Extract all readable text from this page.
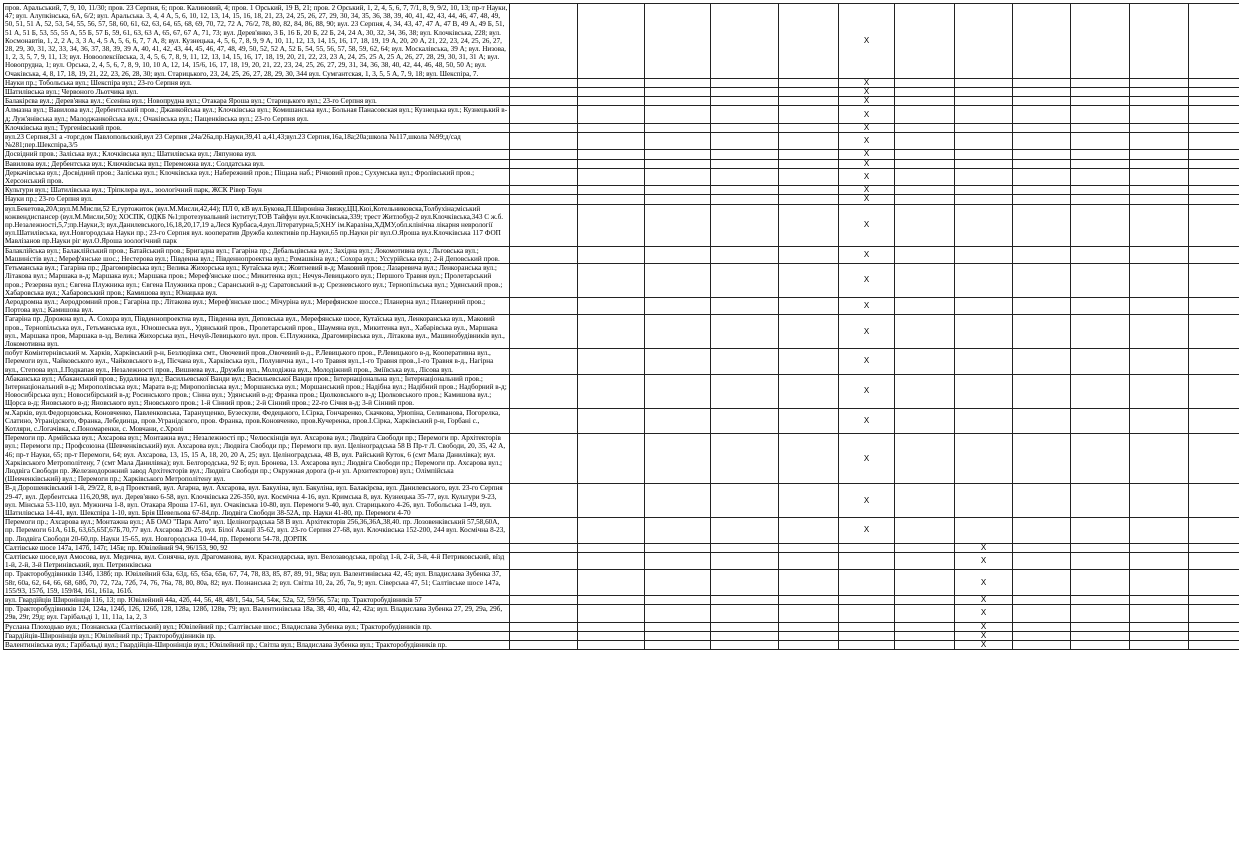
пров. Аральський, 7, 9, 10, 11/30; пров. 23 Серпня, 6; пров. Калиновий, 4; пров. 1 Орський, 19 В, 21; пров. 2 Орський, 1, 2, 4, 5, 6, 7, 7/1, 8, 9, 9/2, 10, 13; пр-т Науки, 47; вул. Алупкінська, 6А, 6/2; вул. Аральська. 3, 4, 4 А, 5, 6, 10, 12, 13, 14, 15, 16, 18, 21, 23, 24, 25, 26, 27, 29, 30, 34, 35, 36, 38, 39, 40, 41, 42, 43, 44, 46, 47, 48, 49, 50, 51, 51 А, 52, 53, 54, 55, 56, 57, 58, 60, 61, 62, 63, 64, 65, 68, 69, 70, 72, 72 А, 76/2, 78, 80, 82, 84, 86, 88, 90; вул. 23 Серпня, 4, 34, 43, 47, 47 А, 47 В, 49 А, 49 Б, 51, 51 А, 51 Б, 53, 55, 55 А, 55 Б, 57 Б, 59, 61, 63, 63 А, 65, 67, 67 А, 71, 73; вул. Дерев'янко, 3 Б, 16 Б, 20 Б, 22 Б, 24, 24 А, 30, 32, 34, 36, 38; вул. Клочківська, 228; вул. Космонавтів, 1, 2, 2 А, 3, 3 А, 4, 5 А, 5, 6, 6, 7, 7 А, 8; вул. Кузнецька, 4, 5, 6, 7, 8, 9, 9 А, 10, 11, 12, 13, 14, 15, 16, 17, 18, 19, 19 А, 20, 20 А, 21, 22, 23, 24, 25, 26, 27, 28, 29, 30, 31, 32, 33, 34, 36, 37, 38, 39, 39 А, 40, 41, 42, 43, 44, 45, 46, 47, 48, 49, 50, 52, 52 А, 52 Б, 54, 55, 56, 57, 58, 59, 62, 64; вул. Москалівська, 39 А; вул. Низова, 1, 2, 3, 5, 7, 9, 11, 13; вул. Новоолексіївська, 3, 4, 5, 6, 7, 8, 9, 11, 12, 13, 14, 15, 16, 17, 18, 19, 20, 21, 22, 23, 23 А, 24, 25, 25 А, 25 А, 26, 27, 28, 29, 30, 31, 31 А; вул. Новопрудна, 1; вул. Орська, 2, 4, 5, 6, 7, 8, 9, 10, 10 А, 12, 14, 15/6, 16, 17, 18, 19, 20, 21, 22, 23, 24, 25, 26, 27, 29, 31, 34, 36, 38, 40, 42, 44, 46, 48, 50, 50 А; вул. Очаківська, 4, 8, 17, 18, 19, 21, 22, 23, 26, 28, 30; вул. Старицького, 23, 24, 25, 26, 27, 28, 29, 30, 344 вул. Сумгантская, 1, 3, 5, 5 А, 7, 9, 18; вул. Шекспіра, 7.						X							
Науки пр.; Тобольська вул.; Шекспіра вул.; 23-го Серпня вул.						X							
Шатилівська вул.; Червоного Льотчика вул.						X							
Балакірєва вул.; Дерев'янка вул.; Єсеніна вул.; Новопрудна вул.; Отакара Яроша вул.; Старицького вул.; 23-го Серпня вул.						X							
Алмазна вул.; Вавилова вул.; Дербентський пров.; Джанкойська вул.; Клочківська вул.; Комишанська вул.; Больная Панасовская вул.; Кузнецька вул.; Кузнецький в-д; Луж'янівська вул.; Малоджанкойська вул.; Очаківська вул.; Пащенківська вул.; 23-го Серпня вул.						X							
Клочківська вул.; Тургенівський пров.						X							
вул.23 Серпня,31 а -торг.дом Павлопольский,вул 23 Серпня ,24а/26а,пр.Науки,39,41 а,41,43;вул.23 Серпня,16а,18а;20а;школа №117,школа №99;д/сад №281;пер.Шекспіра,3/5						X							
Досвідний пров.; Заліська вул.; Клочківська вул.; Шатилівська вул.; Ляпунова вул.						X							
Вавилова вул.; Дербентська вул.; Ключківська вул.; Переможна вул.; Солдатська вул.						X							
Деркачівська вул.; Досвідний пров.; Заліська вул.; Клочківська вул.; Набережний пров.; Піщана наб.; Річковий пров.; Сухумська вул.; Фролівський пров.; Херсонський пров.						X							
Культури вул.; Шатилівська вул.; Тріпклера вул., зоологічний парк, ЖСК Рівер Тоун						X							
Науки пр.; 23-го Серпня вул.						X							
вул.Бекетова,20А;вул.М.Мисли,52 Е,гуртожиток (вул.М.Мисли,42,44); ПЛ 0, кВ вул.Букова,П.Широніна Звязку,ЦЦ.Кюі,Котельниковска,Толбухіна;міський кожвендиспансер (вул.М.Мисли,50); ХОСПК, ОДКБ №1;протезувальний інститут,ТОВ Тайфун вул.Клочківська,339; трест Житлобуд-2 вул.Клочківська,343 С ж.б. пр.Незалежності,5,7;пр.Науки,3; вул.Данилевського,16,18,20,17,19 а,Леся Курбаса,4,вул.Літературна,5;ХНУ ім.Каразіна,ХДМУ,обл.клінічна лікарня неврології вул.Шатилівська, вул.Новгородська Науки пр.; 23-го Серпня вул. кооператив Дружба колективів пр.Науки,65 пр.Науки ріг вул.О.Яроша вул.Клочківська 117 ФОП Мавлізанов пр.Науки ріг вул.О.Яроша зоологічний парк						X							
Балаклійська вул.; Балаклійський пров.; Батайський пров.; Бригадна вул.; Гагаріна пр.; Дебальцівська вул.; Західна вул.; Локомотивна вул.; Льговська вул.; Машиністів вул.; Мереф'янське шос.; Нестерова вул.; Південна вул.; Південнопроектна вул.; Ромашкіна вул.; Сохора вул.; Уссурійська вул.; 2-й Деповський пров.						X							
Гетьманська вул.; Гагаріна пр.; Драгомирівська вул.; Велика Жихорська вул.; Кутаїська вул.; Жовтневий в-д; Маковий пров.; Лазаревича вул.; Ленкоранська вул.; Літакова вул.; Маршака в-д; Маршака вул.; Маршака пров.; Мереф'янське шос.; Микитенка вул.; Нечуя-Левицького вул.; Першого Травня вул.; Пролетарський пров.; Резервна вул.; Євгена Плужника вул.; Євгена Плужника пров.; Саранський в-д; Саратовський в-д; Срезневського вул.; Тернопільська вул.; Удянський пров.; Хабаровська вул.; Хабаровський пров.; Камишова вул.; Юнацька вул.						X							
Аеродромна вул.; Аеродромний пров.; Гагаріна пр.; Літакова вул.; Мереф'янське шос.; Мічуріна вул.; Мерефянское шоссе.; Планерна вул.; Планерний пров.; Портова вул.; Камишова вул.						X							
Гагаріна пр. Дорожна вул., А. Сохора вул, Південнопроектна вул., Південна вул, Деповська вул., Мерефянське шосе, Кутаїська вул, Ленкоранська вул., Маковий пров., Тернопільська вул., Гетьманська вул., Юношеська вул., Удянський пров., Пролетарський пров., Шаумяна вул., Микитенка вул., Хабарівська вул., Маршака вул., Маршака пров, Маршака в-зд, Велика Жихорська вул., Нечуй-Левицького вул. пров. Є.Плужника, Драгомирівська вул., Літакова вул., Машинобудівників вул., Локомотивна вул.						X							
побут Комінтернівський м. Харків, Харківський р-н, Безлюдівка смт., Овочевий пров.,Овочевий в-д., Р.Левицького пров., Р.Левицького в-д, Кооперативна вул., Перемоги вул., Чайковського вул., Чайковського в-д, Пісчана вул., Харківська вул., Полунична вул., 1-го Травня вул.,1-го Травня пров.,1-го Травня в-д., Нагірна вул., Степова вул.,І.Подкапая вул., Незалежності пров., Вишнева вул., Дружби вул., Молодіжна вул., Молодіжний пров., Змiївська вул., Лісова вул.						X							
Абаканська вул.; Абаканський пров.; Будалина вул.; Васильевської Ванди вул.; Васильевської Ванди пров.; Інтернаціональна вул.; Інтернаціональний пров.; Інтернаціональний в-д; Мирополівська вул.; Маратa в-д; Мирополівська вул.; Моршанська вул.; Моршанський пров.; Надібна вул.; Надібний пров.; Надборний в-д; Новосибірська вул.; Новосибірський в-д; Росинського пров.; Сінна вул.; Удянський в-д; Франка пров.; Цюлковського в-д; Цюлковського пров.; Камишова вул.; Щорса в-д; Яновського в-д; Яновського вул.; Яновського пров.; 1-й Сінний пров.; 2-й Сінний пров.; 22-го Січня в-д; 3-й Сінний пров.						X							
м.Харків, вул.Федорцовська, Коновченко, Павленковська, Таранущенко, Бузескули, Федецького, І.Сірка, Гончаренко, Скачкова, Урюпіна, Селиванова, Погорелка, Слатино, Угранідского, Франка, Лебединца, пров.Угранідского, пров. Франка, пров.Коновченко, пров.Кучеренка, пров.І.Сірка, Харківський р-н, Горбані с., Котляри, с.Логачівка, с.Пономаренки, с. Мовчани, с.Хролі						X							
Перемоги пр. Армійська вул.; Ахсарова вул.; Монтажна вул.; Незалежності пр.; Челюскінців вул. Ахсарова вул.; Людвіга Свободи пр.; Перемоги пр. Архітекторів вул.; Перемоги пр.; Профсоюзна (Шевченківський) вул. Ахсарова вул.; Людвіга Свободи пр.; Перемоги пр. вул. Целіноградська 58 В Пр-т Л. Свободи, 20, 35, 42 А, 46; пр-т Науки, 65; пр-т Перемоги, 64; вул. Ахсарова, 13, 15, 15 А, 18, 20, 20 А, 25; вул. Целіноградська, 48 В, вул. Райський Куток, 6 (смт Мала Данилівка); вул. Харківського Метрополітену, 7 (смт Мала Данилівка); вул. Белгородська, 92 Б; вул. Бронева, 13. Ахсарова вул.; Людвіга Свободи пр.; Перемоги пр. Ахсарова вул.; Людвіга Свободи пр. Железнодорожний завод Архітекторів вул.; Людвіга Свободи пр.; Окружная дорога (р-н ул. Архитекторов) вул.; Олімпійська (Шевченківський) вул.; Перемоги пр.; Харківського Метрополітену вул.						X							
В-д Дорошенківський 1-й, 29/22, 8, в-д Проектний, вул. Агарна, вул. Ахсарова, вул. Бакуліна, вул. Бакуліна, вул. Балакірєва, вул. Данилевського, вул. 23-го Серпня 29-47, вул. Дербентська 116,20,98, вул. Дерев'янко 6-58, вул. Клочківська 226-350, вул. Космічна 4-16, вул. Кримська 8, вул. Кузнецька 35-77, вул. Культури 9-23, вул. Мінська 53-110, вул. Мужнича 1-8, вул. Отакара Яроша 17-61, вул. Очаківська 10-80, вул. Перемоги 9-40, вул. Старицького 4-26, вул. Тобольська 1-49, вул. Шатилівська 14-41, вул. Шекспіра 1-10, вул. Брія Шевельова 67-84,пр. Людвіга Свободи 38-52А, пр. Науки 41-80, пр. Перемоги 4-70						X							
Перемоги пр.; Ахсарова вул.; Монтажна вул.; АБ ОАО "Парк Авто" вул. Целіноградська 58 В вул. Архітекторів 256,36,36А,38,40. пр. Лозовенківський 57,58,60А, пр. Перемоги 61А, 61Б, 63,65,65Г,67Б,70,77 вул. Ахсарова 20-25, вул. Білої Акації 35-62, вул. 23-го Серпня 27-68, вул. Клочківська 152-200, 244 вул. Космічна 8-23, пр. Людвіга Свободи 20-60,пр. Науки 15-65, вул. Новгородська 10-44, пр. Перемоги 54-78, ДОРПК						X							
Салтівське шосе 147а, 147б, 147г, 145в; пр. Ювілейний 94, 96/153, 90, 92								X					
Салтівське шосе,вул Амосова, вул. Медична, вул. Сонячна, вул. Драгоманова, вул. Краснодарська, вул. Велозаводська, проїзд 1-й, 2-й, 3-й, 4-й Петриковський, вїзд 1-й, 2-й, 3-й Петринівський, вул. Петринківська								X					
пр. Тракторобудівників 134б, 138б; пр. Ювілейний 63а, 63д, 65, 65а, 65в, 67, 74, 78, 83, 85, 87, 89, 91, 98а; вул. Валентинівська 42, 45; вул. Владислава Зубенка 37, 58г, 60а, 62, 64, 66, 68, 68б, 70, 72, 72а, 72б, 74, 76, 76а, 78, 80, 80а, 82; вул. Познанська 2; вул. Світла 10, 2а, 2б, 7в, 9; вул. Сіверська 47, 51; Салтівське шосе 147а, 155/93, 157б, 159, 159/84, 161, 161а, 161б.								X					
вул. Гвардійців Широнінців 116, 13; пр. Ювілейний 44а, 42б, 44, 56, 48, 48/1, 54а, 54, 54ж, 52а, 52, 59/56, 57а; пр. Тракторобудівників 57								X					
пр. Тракторобудівників 124, 124а, 124б, 126, 126б, 128, 128а, 128б, 128в, 79; вул. Валентинівська 18а, 38, 40, 40а, 42, 42а; вул. Владислава Зубенка 27, 29, 29а, 29б, 29в, 29г, 29д; вул. Гарібальді 1, 11, 11а, 1а, 2, 3								X					
Руслана Плоходько вул.; Познанська (Салтівський) вул.; Ювілейний пр.; Салтівське шос.; Владислава Зубенка вул.; Тракторобудівників пр.								X					
Гвардійців-Широнінців вул.; Ювілейний пр.; Тракторобудівників пр.								X					
Валентинівська вул.; Гарібальді вул.; Гвардійців-Широнінців вул.; Ювілейний пр.; Світла вул.; Владислава Зубенка вул.; Тракторобудівників пр.								X					
